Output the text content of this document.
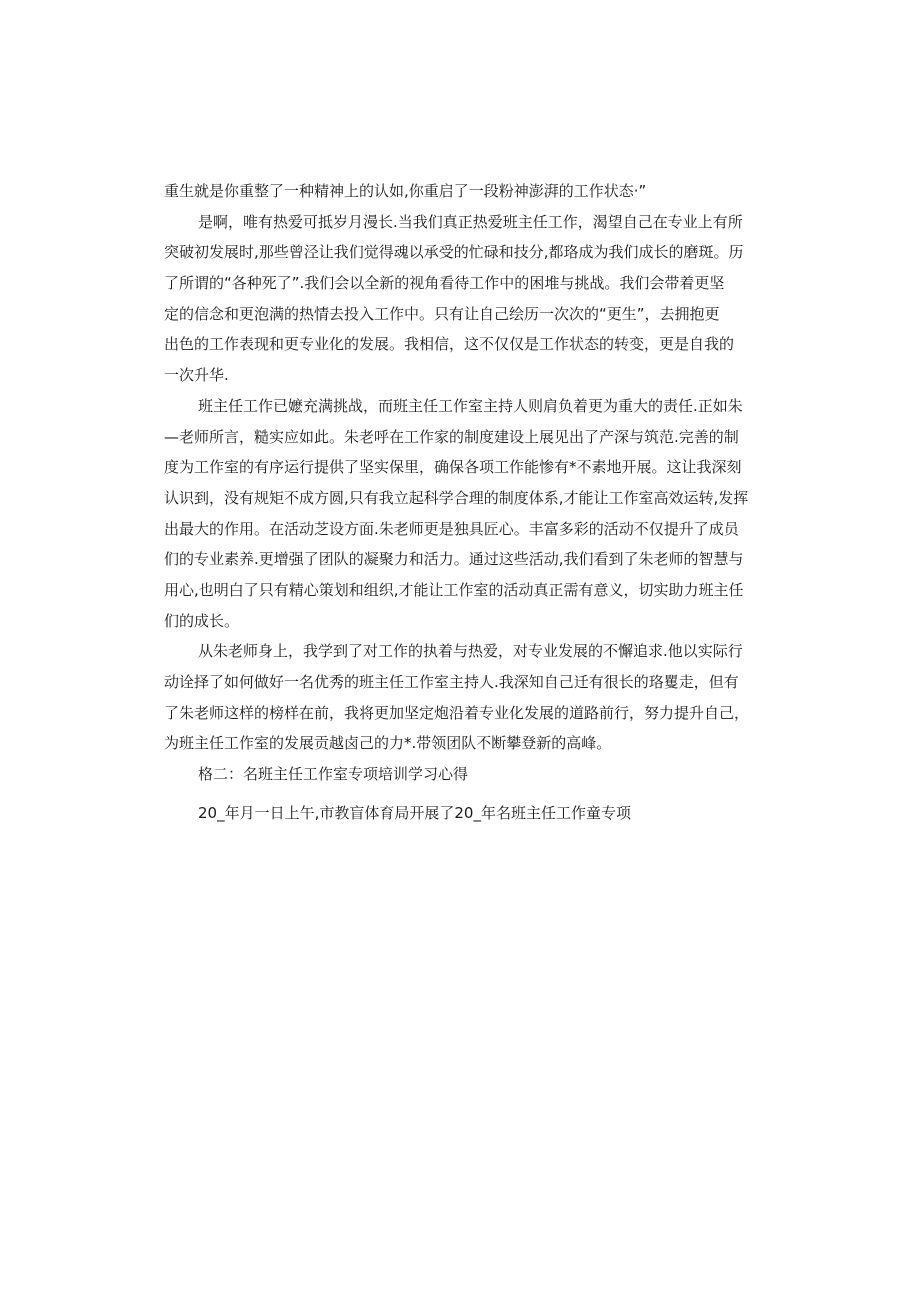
重生就是你重整了一种精神上的认如,你重启了一段粉神澎湃的工作状态·”
是啊，唯有热爱可抵岁月漫长.当我们真正热爱班主任工作，渴望自己在专业上有所
突破初发展时,那些曾泾让我们觉得魂以承受的忙碌和技分,都珞成为我们成长的磨斑。历
了所谓的“各种死了”.我们会以全新的视角看待工作中的困堆与挑战。我们会带着更坚
定的信念和更泡满的热情去投入工作中。只有让自己绘历一次次的“更生”，去拥抱更
出色的工作表现和更专业化的发展。我相信，这不仅仅是工作状态的转变，更是自我的
一次升华.
班主任工作已嬷充满挑战，而班主任工作室主持人则肩负着更为重大的责任.正如朱
—老师所言，糙实应如此。朱老呼在工作家的制度建设上展见出了产深与筑范.完善的制
度为工作室的有序运行提供了坚实保里，确保各项工作能惨有*不素地开展。这让我深刻
认识到，没有规矩不成方圆,只有我立起科学合理的制度体系,才能让工作室高效运转,发挥
出最大的作用。在活动芝设方面.朱老师更是独具匠心。丰富多彩的活动不仅提升了成员
们的专业素养.更增强了团队的凝聚力和活力。通过这些活动,我们看到了朱老师的智慧与
用心,也明白了只有精心策划和组织,才能让工作室的活动真正需有意义，切实助力班主任
们的成长。
从朱老师身上，我学到了对工作的执着与热爱，对专业发展的不懈追求.他以实际行
动诠择了如何做好一名优秀的班主任工作室主持人.我深知自己迁有很长的珞矍走，但有
了朱老师这样的榜样在前，我将更加坚定炮沿着专业化发展的道路前行，努力提升自己，
为班主任工作室的发展贡越卤己的力*.带领团队不断攀登新的高峰。
格二：名班主任工作室专项培训学习心得
20_年月一日上午,市教盲体育局开展了20_年名班主任工作童专项
